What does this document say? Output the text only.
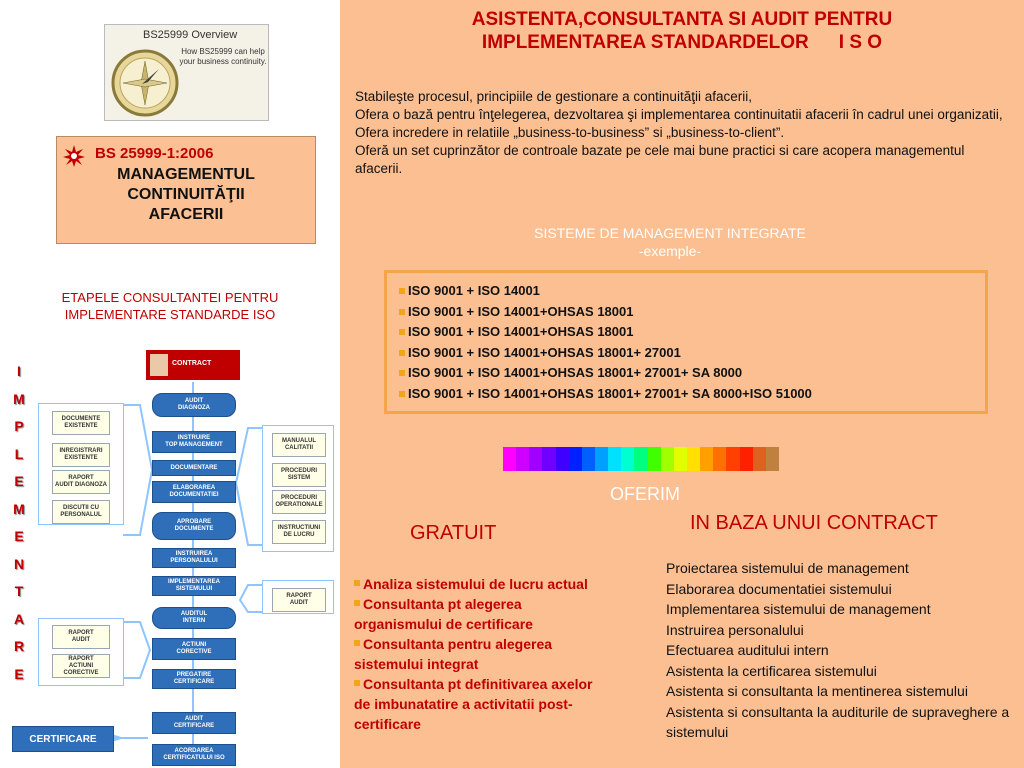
BS25999 Overview
How BS25999 can help your business continuity.
BS 25999-1:2006
MANAGEMENTUL
CONTINUITĂŢII
AFACERII
ETAPELE CONSULTANTEI PENTRU
IMPLEMENTARE STANDARDE ISO
I
M
P
L
E
M
E
N
T
A
R
E
CONTRACT
AUDIT
DIAGNOZA
INSTRUIRE
TOP MANAGEMENT
DOCUMENTARE
ELABORAREA
DOCUMENTATIEI
APROBARE
DOCUMENTE
INSTRUIREA
PERSONALULUI
IMPLEMENTAREA
SISTEMULUI
AUDITUL
INTERN
ACTIUNI
CORECTIVE
PREGATIRE
CERTIFICARE
AUDIT
CERTIFICARE
ACORDAREA
CERTIFICATULUI ISO
DOCUMENTE
EXISTENTE
INREGISTRARI
EXISTENTE
RAPORT
AUDIT DIAGNOZA
DISCUTII CU
PERSONALUL
RAPORT
AUDIT
RAPORT
ACTIUNI CORECTIVE
MANUALUL
CALITATII
PROCEDURI
SISTEM
PROCEDURI
OPERATIONALE
INSTRUCTIUNI
DE LUCRU
RAPORT
AUDIT
CERTIFICARE
ASISTENTA,CONSULTANTA SI AUDIT PENTRU
IMPLEMENTAREA STANDARDELOR I S O
Stabileşte procesul, principiile de gestionare a continuităţii afacerii,
Ofera o bază pentru înţelegerea, dezvoltarea şi implementarea continuitatii afacerii în cadrul unei organizatii,
Ofera incredere in relatiile „business-to-business” si „business-to-client”.
Oferă un set cuprinzător de controale bazate pe cele mai bune practici si care acopera managementul afacerii.
SISTEME DE MANAGEMENT INTEGRATE
-exemple-
ISO 9001 + ISO 14001
ISO 9001 + ISO 14001+OHSAS 18001
ISO 9001 + ISO 14001+OHSAS 18001
ISO 9001 + ISO 14001+OHSAS 18001+ 27001
ISO 9001 + ISO 14001+OHSAS 18001+ 27001+ SA 8000
ISO 9001 + ISO 14001+OHSAS 18001+ 27001+ SA 8000+ISO 51000
OFERIM
GRATUIT	IN BAZA UNUI CONTRACT
Analiza sistemului de lucru actual
Consultanta pt alegerea organismului de certificare
Consultanta pentru alegerea sistemului integrat
Consultanta pt definitivarea axelor de imbunatatire a activitatii post-certificare
Proiectarea sistemului de management
Elaborarea documentatiei sistemului
Implementarea sistemului de management
Instruirea personalului
Efectuarea auditului intern
Asistenta la certificarea sistemului
Asistenta si consultanta la mentinerea sistemului
Asistenta si consultanta la auditurile de supraveghere a sistemului
